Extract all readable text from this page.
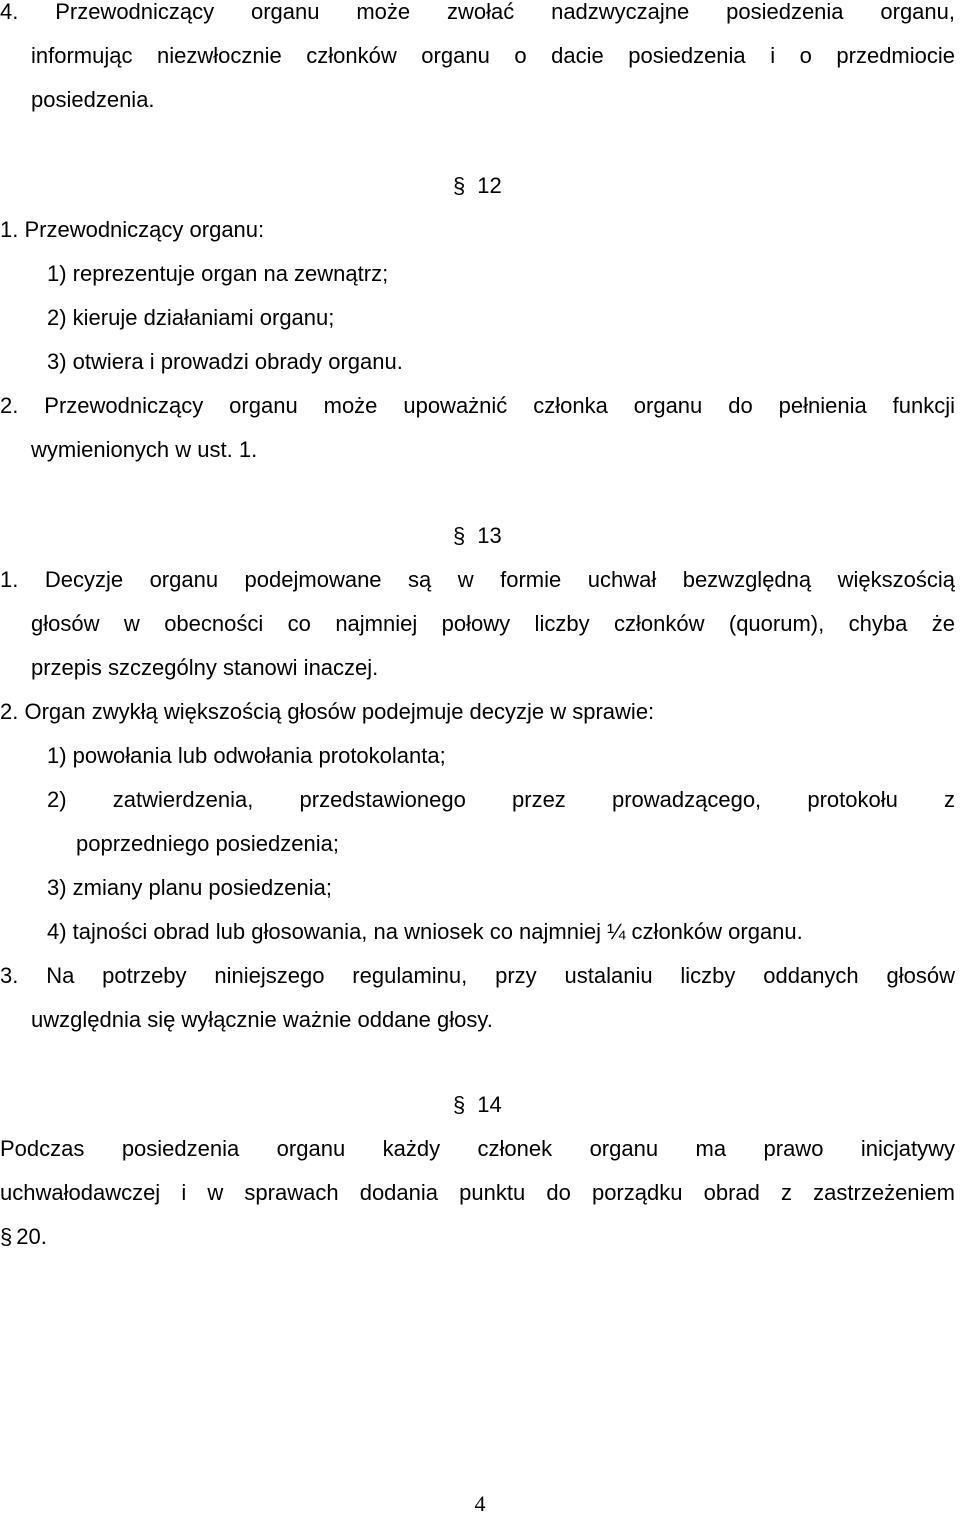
4. Przewodniczący organu może zwołać nadzwyczajne posiedzenia organu,
informując niezwłocznie członków organu o dacie posiedzenia i o przedmiocie
posiedzenia.
§ 12
1. Przewodniczący organu:
1) reprezentuje organ na zewnątrz;
2) kieruje działaniami organu;
3) otwiera i prowadzi obrady organu.
2. Przewodniczący organu może upoważnić członka organu do pełnienia funkcji
wymienionych w ust. 1.
§ 13
1. Decyzje organu podejmowane są w formie uchwał bezwzględną większością
głosów w obecności co najmniej połowy liczby członków (quorum), chyba że
przepis szczególny stanowi inaczej.
2. Organ zwykłą większością głosów podejmuje decyzje w sprawie:
1) powołania lub odwołania protokolanta;
2) zatwierdzenia, przedstawionego przez prowadzącego, protokołu z
poprzedniego posiedzenia;
3) zmiany planu posiedzenia;
4) tajności obrad lub głosowania, na wniosek co najmniej ¼ członków organu.
3. Na potrzeby niniejszego regulaminu, przy ustalaniu liczby oddanych głosów
uwzględnia się wyłącznie ważnie oddane głosy.
§ 14
Podczas posiedzenia organu każdy członek organu ma prawo inicjatywy
uchwałodawczej i w sprawach dodania punktu do porządku obrad z zastrzeżeniem
§ 20.
4
